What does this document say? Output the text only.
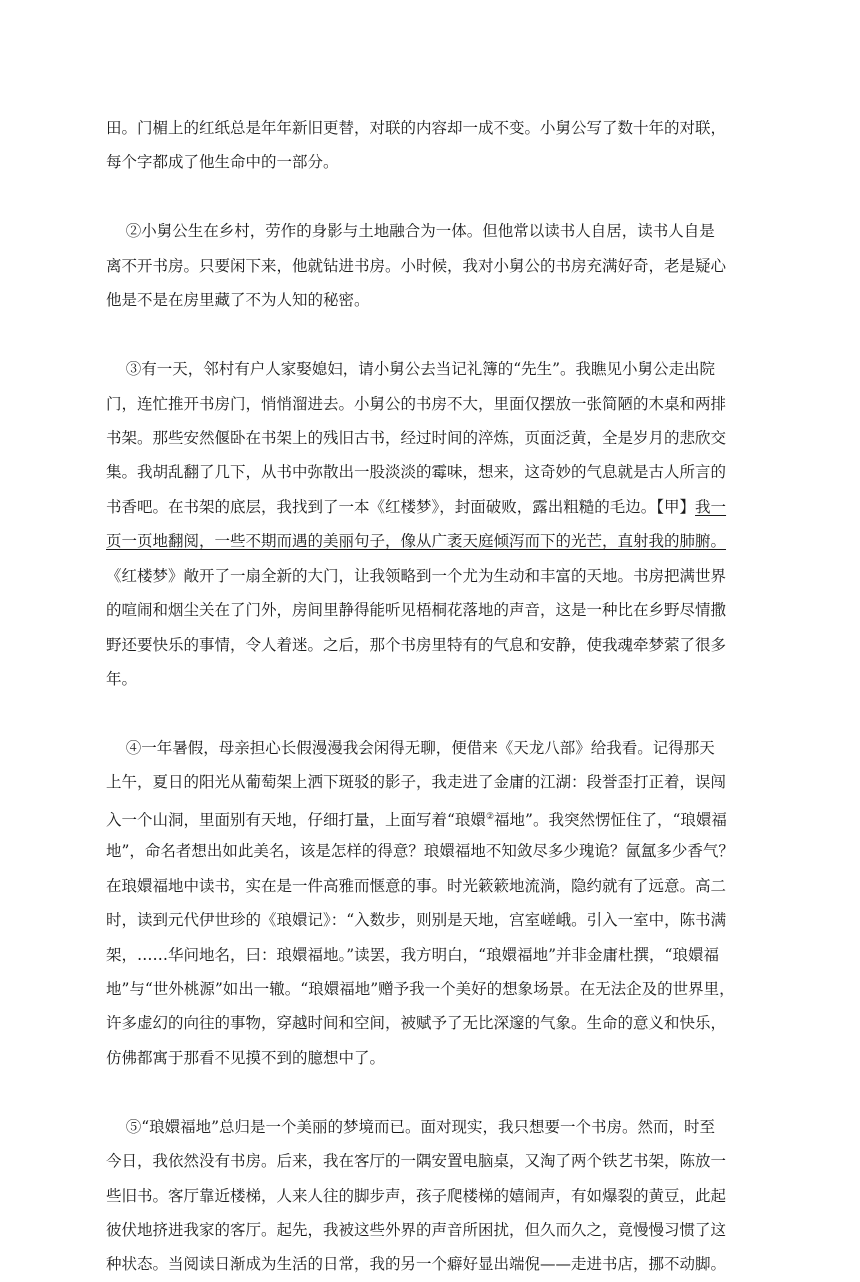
田。门楣上的红纸总是年年新旧更替，对联的内容却一成不变。小舅公写了数十年的对联，
每个字都成了他生命中的一部分。
②小舅公生在乡村，劳作的身影与土地融合为一体。但他常以读书人自居，读书人自是
离不开书房。只要闲下来，他就钻进书房。小时候，我对小舅公的书房充满好奇，老是疑心
他是不是在房里藏了不为人知的秘密。
③有一天，邻村有户人家娶媳妇，请小舅公去当记礼簿的“先生”。我瞧见小舅公走出院
门，连忙推开书房门，悄悄溜进去。小舅公的书房不大，里面仅摆放一张简陋的木桌和两排
书架。那些安然偃卧在书架上的残旧古书，经过时间的淬炼，页面泛黄，全是岁月的悲欣交
集。我胡乱翻了几下，从书中弥散出一股淡淡的霉味，想来，这奇妙的气息就是古人所言的
书香吧。在书架的底层，我找到了一本《红楼梦》，封面破败，露出粗糙的毛边。【甲】我一
页一页地翻阅，一些不期而遇的美丽句子，像从广袤天庭倾泻而下的光芒，直射我的肺腑。
《红楼梦》敞开了一扇全新的大门，让我领略到一个尤为生动和丰富的天地。书房把满世界
的喧闹和烟尘关在了门外，房间里静得能听见梧桐花落地的声音，这是一种比在乡野尽情撒
野还要快乐的事情，令人着迷。之后，那个书房里特有的气息和安静，使我魂牵梦萦了很多
年。
④一年暑假，母亲担心长假漫漫我会闲得无聊，便借来《天龙八部》给我看。记得那天
上午，夏日的阳光从葡萄架上洒下斑驳的影子，我走进了金庸的江湖：段誉歪打正着，误闯
入一个山洞，里面别有天地，仔细打量，上面写着“琅嬛②福地”。我突然愣怔住了，“琅嬛福
地”，命名者想出如此美名，该是怎样的得意？琅嬛福地不知敛尽多少瑰诡？氤氲多少香气？
在琅嬛福地中读书，实在是一件高雅而惬意的事。时光簌簌地流淌，隐约就有了远意。高二
时，读到元代伊世珍的《琅嬛记》：“入数步，则别是天地，宫室嵯峨。引入一室中，陈书满
架，……华问地名，曰：琅嬛福地。”读罢，我方明白，“琅嬛福地”并非金庸杜撰，“琅嬛福
地”与“世外桃源”如出一辙。“琅嬛福地”赠予我一个美好的想象场景。在无法企及的世界里，
许多虚幻的向往的事物，穿越时间和空间，被赋予了无比深邃的气象。生命的意义和快乐，
仿佛都寓于那看不见摸不到的臆想中了。
⑤“琅嬛福地”总归是一个美丽的梦境而已。面对现实，我只想要一个书房。然而，时至
今日，我依然没有书房。后来，我在客厅的一隅安置电脑桌，又淘了两个铁艺书架，陈放一
些旧书。客厅靠近楼梯，人来人往的脚步声，孩子爬楼梯的嬉闹声，有如爆裂的黄豆，此起
彼伏地挤进我家的客厅。起先，我被这些外界的声音所困扰，但久而久之，竟慢慢习惯了这
种状态。当阅读日渐成为生活的日常，我的另一个癖好显出端倪——走进书店，挪不动脚。
